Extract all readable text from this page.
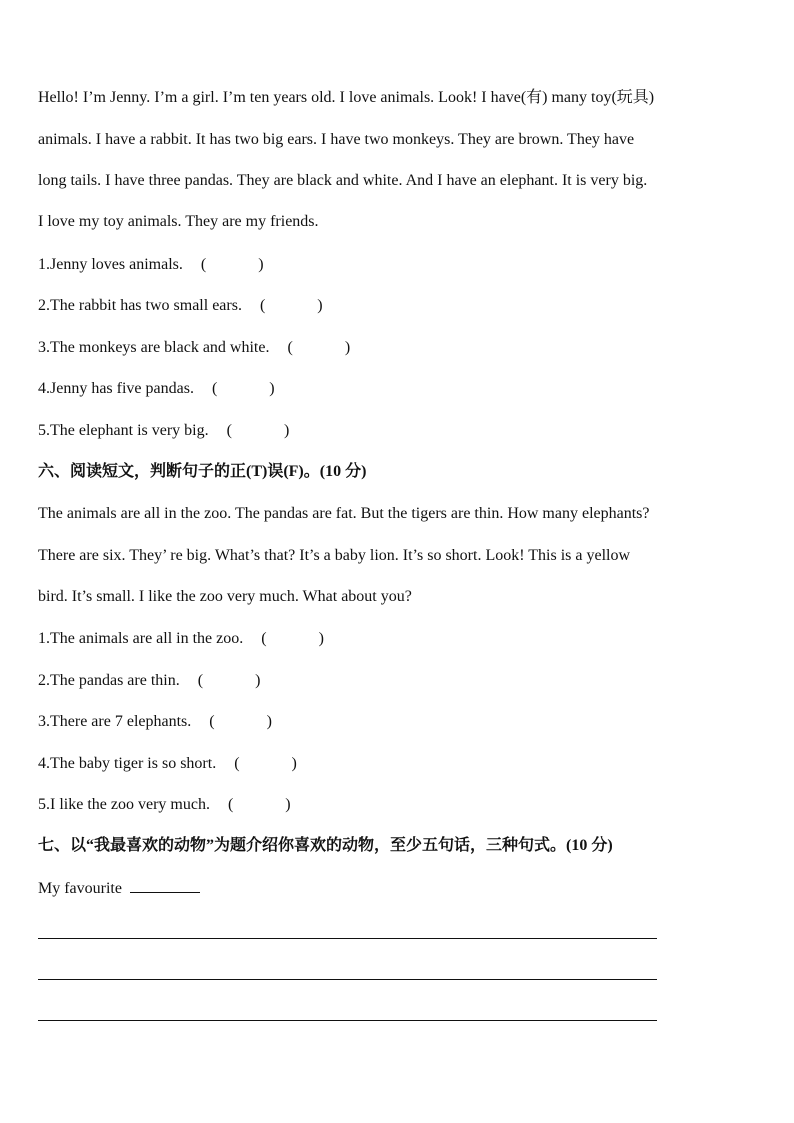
Hello! I’m Jenny. I’m a girl. I’m ten years old. I love animals. Look! I have(有) many toy(玩具)
animals. I have a rabbit. It has two big ears. I have two monkeys. They are brown. They have
long tails. I have three pandas. They are black and white. And I have an elephant. It is very big.
I love my toy animals. They are my friends.
1.Jenny loves animals. (	)
2.The rabbit has two small ears. (	)
3.The monkeys are black and white. (	)
4.Jenny has five pandas. (	)
5.The elephant is very big. (	)
六、阅读短文，判断句子的正(T)误(F)。(10 分)
The animals are all in the zoo. The pandas are fat. But the tigers are thin. How many elephants?
There are six. They’ re big. What’s that? It’s a baby lion. It’s so short. Look! This is a yellow
bird. It’s small. I like the zoo very much. What about you?
1.The animals are all in the zoo. (	)
2.The pandas are thin. (	)
3.There are 7 elephants. (	)
4.The baby tiger is so short. (	)
5.I like the zoo very much. (	)
七、以“我最喜欢的动物”为题介绍你喜欢的动物，至少五句话，三种句式。(10 分)
My favourite
